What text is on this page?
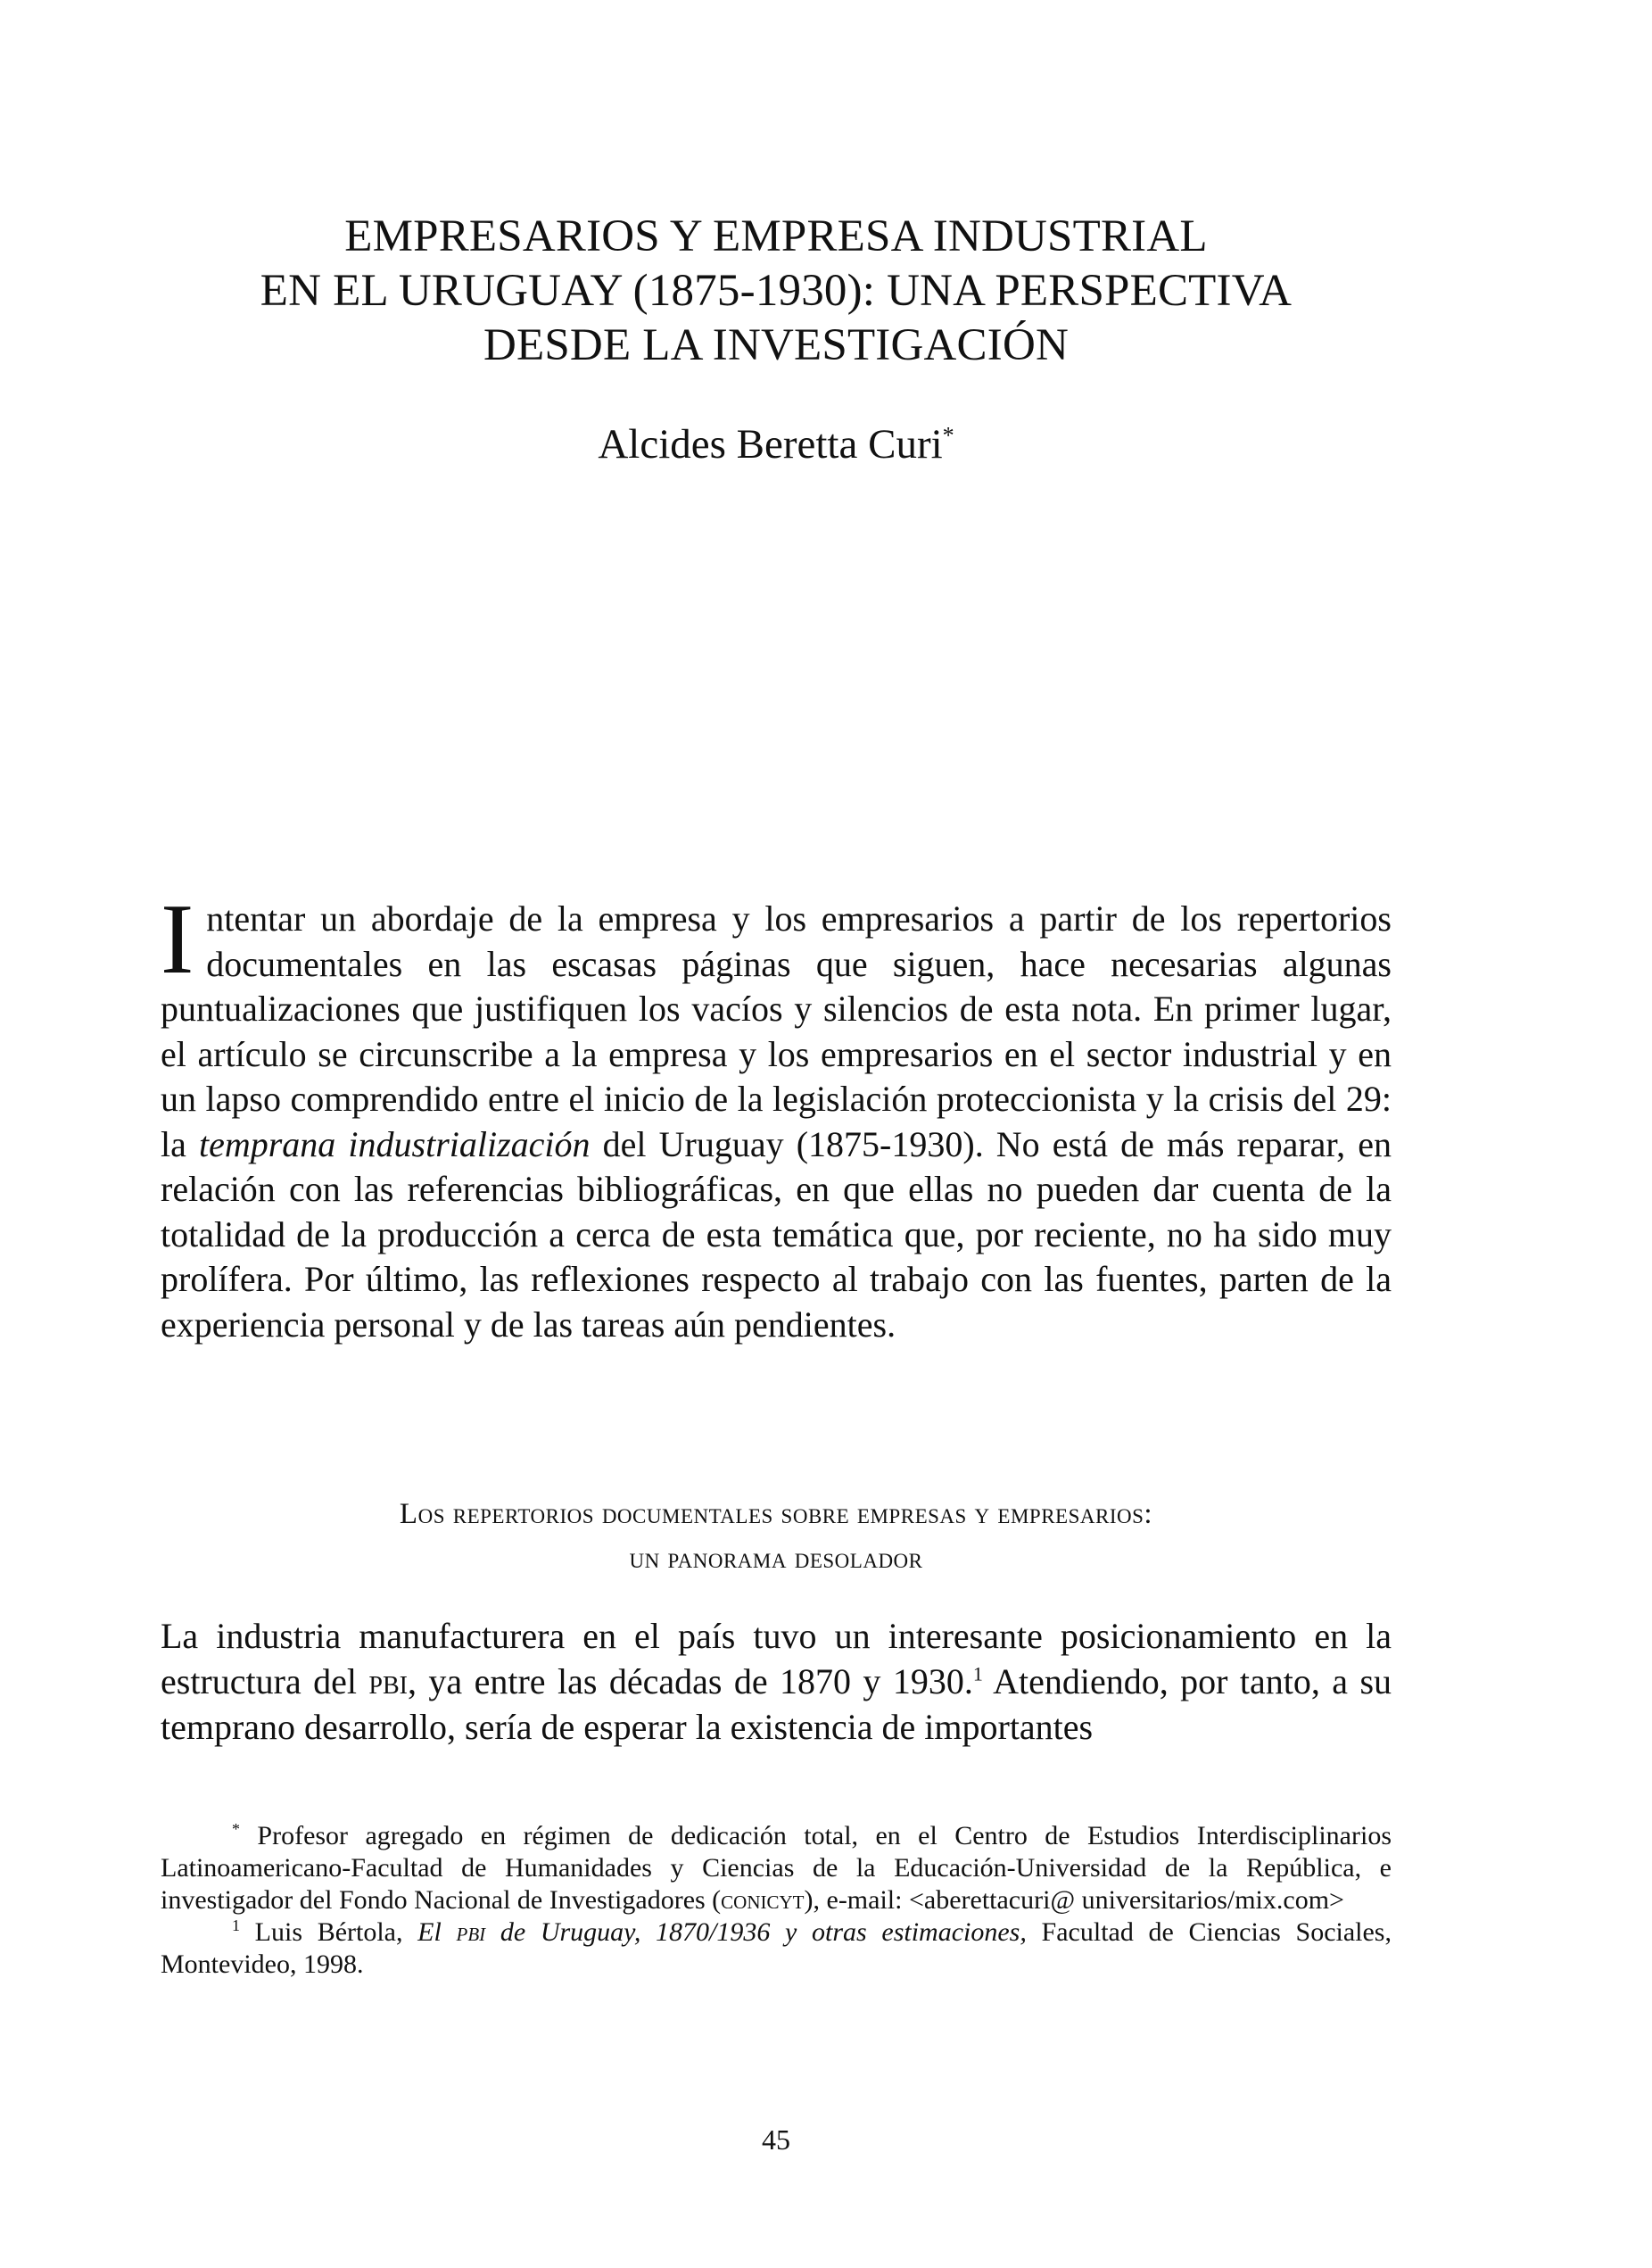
EMPRESARIOS Y EMPRESA INDUSTRIAL
EN EL URUGUAY (1875-1930): UNA PERSPECTIVA
DESDE LA INVESTIGACIÓN
Alcides Beretta Curi*
Intentar un abordaje de la empresa y los empresarios a partir de los repertorios documentales en las escasas páginas que siguen, hace necesarias algunas puntualizaciones que justifiquen los vacíos y silencios de esta nota. En primer lugar, el artículo se circunscribe a la empresa y los empresarios en el sector industrial y en un lapso comprendido entre el inicio de la legislación proteccionista y la crisis del 29: la temprana industrialización del Uruguay (1875-1930). No está de más reparar, en relación con las referencias bibliográficas, en que ellas no pueden dar cuenta de la totalidad de la producción a cerca de esta temática que, por reciente, no ha sido muy prolífera. Por último, las reflexiones respecto al trabajo con las fuentes, parten de la experiencia personal y de las tareas aún pendientes.
Los repertorios documentales sobre empresas y empresarios:
un panorama desolador
La industria manufacturera en el país tuvo un interesante posicionamiento en la estructura del pbi, ya entre las décadas de 1870 y 1930.$^1$ Atendiendo, por tanto, a su temprano desarrollo, sería de esperar la existencia de importantes

* Profesor agregado en régimen de dedicación total, en el Centro de Estudios Interdisciplinarios Latinoamericano-Facultad de Humanidades y Ciencias de la Educación-Universidad de la República, e investigador del Fondo Nacional de Investigadores (conicyt), e-mail: <aberettacuri@ universitarios/mix.com>

$^1$ Luis Bértola, El pbi de Uruguay, 1870/1936 y otras estimaciones, Facultad de Ciencias Sociales, Montevideo, 1998.

45
